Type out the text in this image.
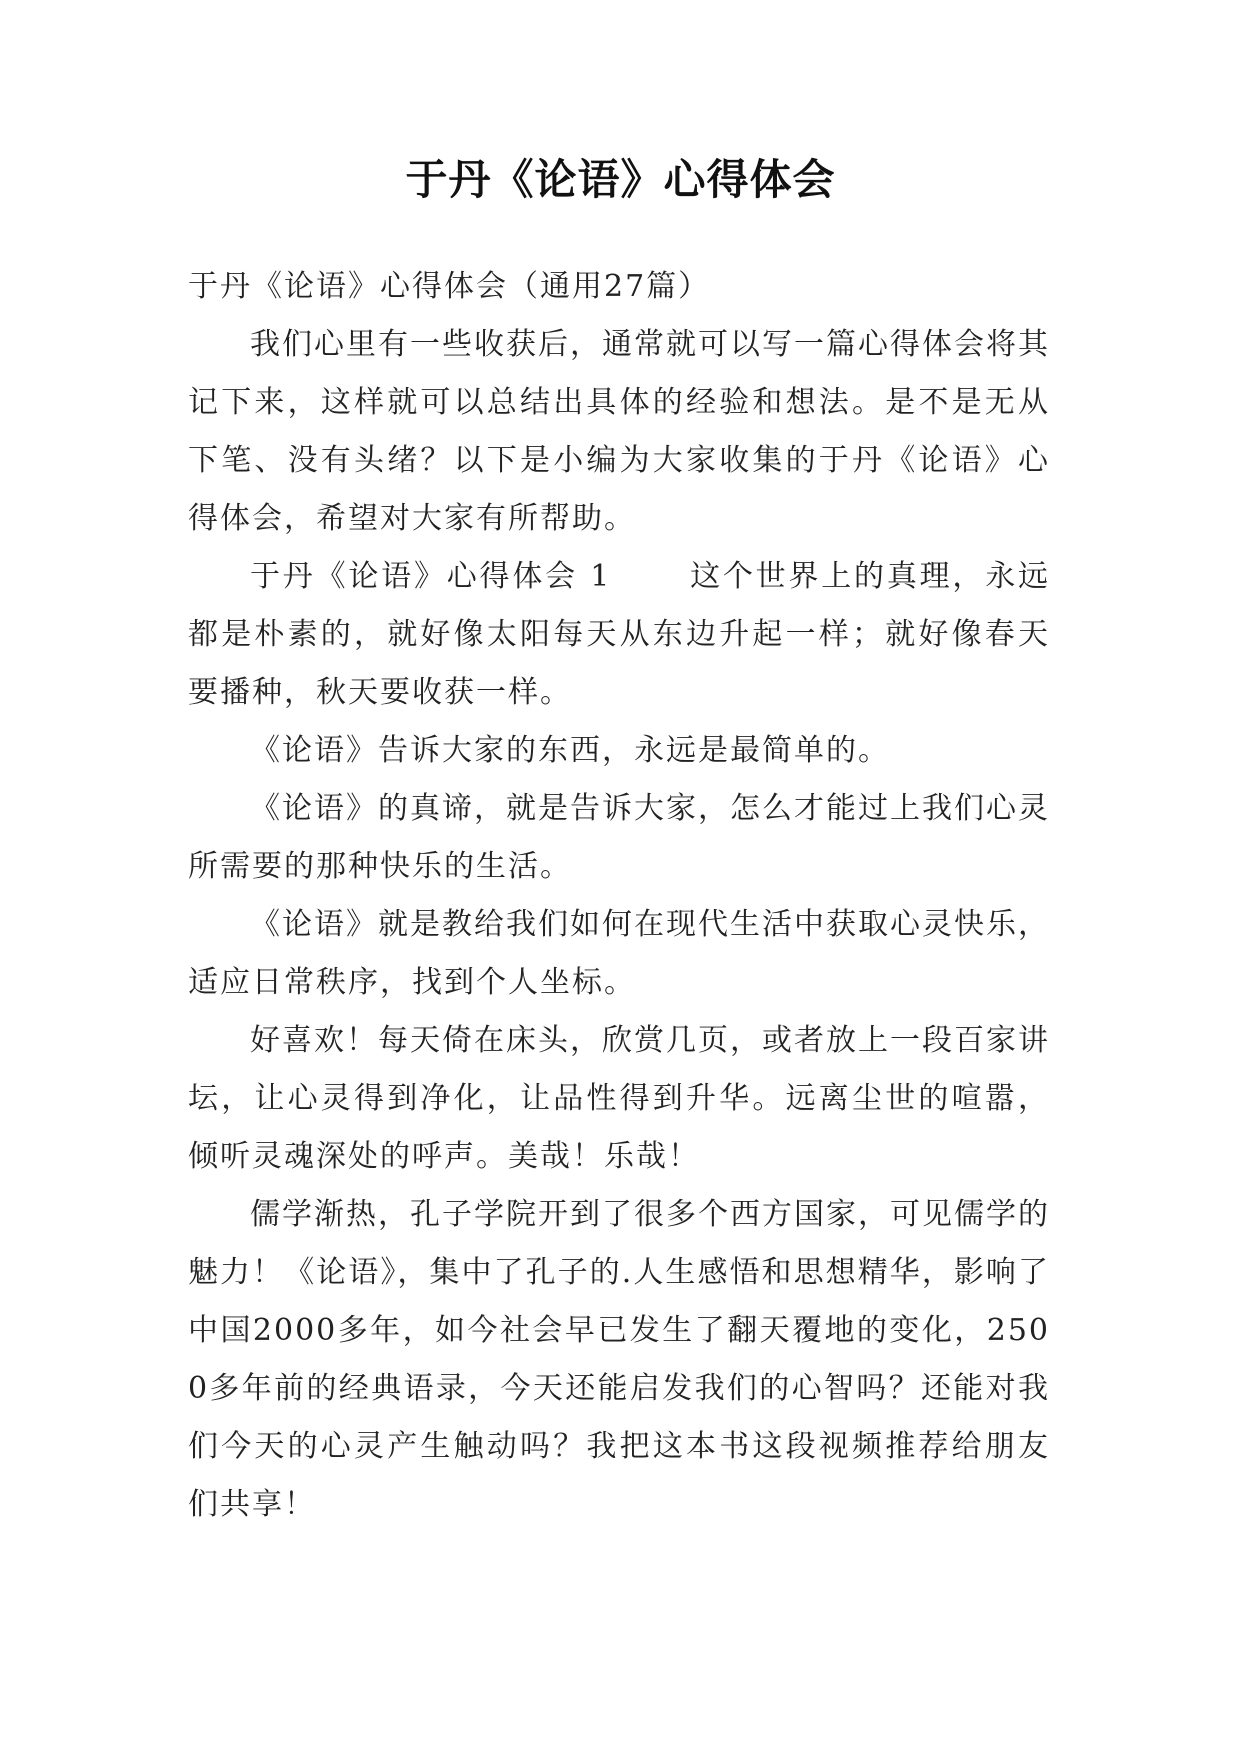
于丹《论语》心得体会

于丹《论语》心得体会（通用27篇）

我们心里有一些收获后，通常就可以写一篇心得体会将其记下来，这样就可以总结出具体的经验和想法。是不是无从下笔、没有头绪？以下是小编为大家收集的于丹《论语》心得体会，希望对大家有所帮助。

于丹《论语》心得体会 1	这个世界上的真理，永远都是朴素的，就好像太阳每天从东边升起一样；就好像春天要播种，秋天要收获一样。

《论语》告诉大家的东西，永远是最简单的。

《论语》的真谛，就是告诉大家，怎么才能过上我们心灵所需要的那种快乐的生活。

《论语》就是教给我们如何在现代生活中获取心灵快乐，适应日常秩序，找到个人坐标。

好喜欢！每天倚在床头，欣赏几页，或者放上一段百家讲坛，让心灵得到净化，让品性得到升华。远离尘世的喧嚣，倾听灵魂深处的呼声。美哉！乐哉！

儒学渐热，孔子学院开到了很多个西方国家，可见儒学的魅力！《论语》，集中了孔子的.人生感悟和思想精华，影响了中国2000多年，如今社会早已发生了翻天覆地的变化，2500多年前的经典语录，今天还能启发我们的心智吗？还能对我们今天的心灵产生触动吗？我把这本书这段视频推荐给朋友们共享！
